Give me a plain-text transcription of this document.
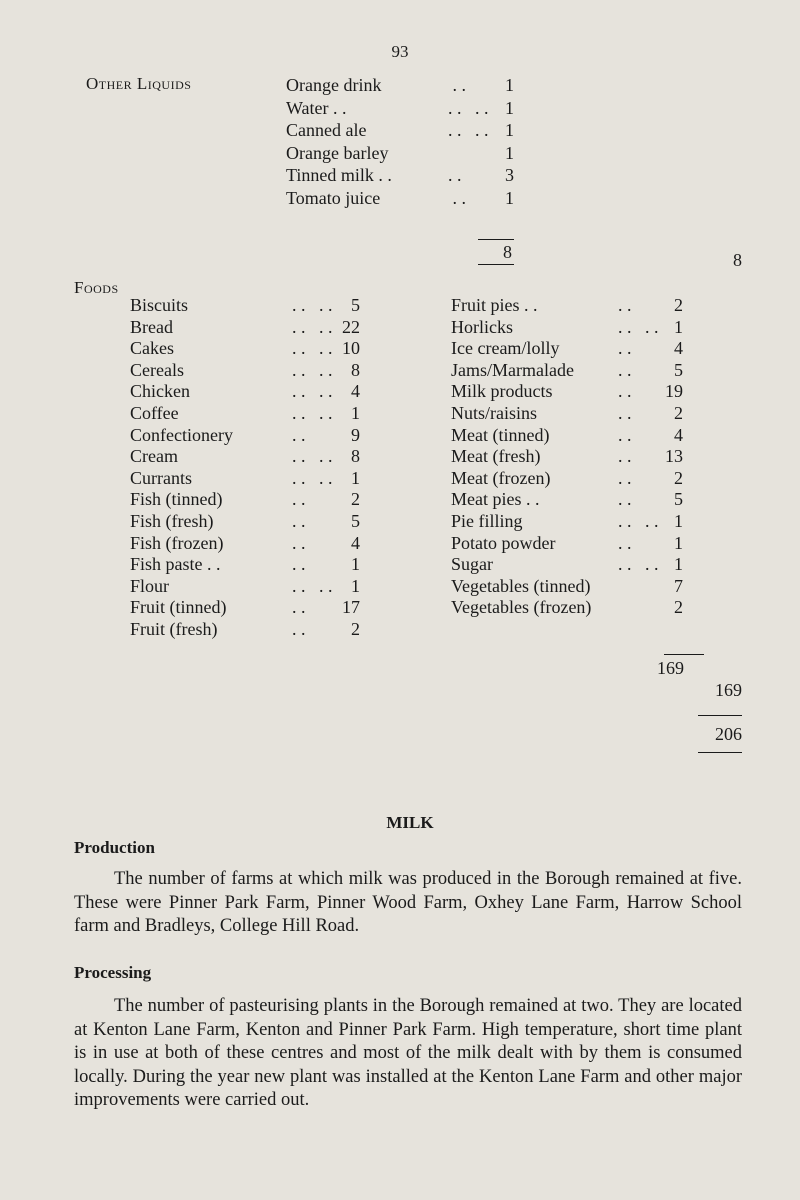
93
Other Liquids	Orange drink	. .	1
Water . .	. .   . . 1
Canned ale	. .   . . 1
Orange barley	1
Tinned milk . .	. .	3
Tomato juice	. .	1
8	8
Foods
Biscuits	. .   . .	5
Bread	. .   . . 22
Cakes	. .   . . 10
Cereals	. .   . .	8
Chicken	. .   . .	4
Coffee	. .   . .	1
Confectionery	. .	9
Cream	. .   . .	8
Currants	. .   . .	1
Fish (tinned)	. .	2
Fish (fresh)	. .	5
Fish (frozen)	. .	4
Fish paste . .	. .	1
Flour	. .   . .	1
Fruit (tinned)	. .	17
Fruit (fresh)	. .	2
Fruit pies . .	. .	2
Horlicks	. .   . . 1
Ice cream/lolly	. .	4
Jams/Marmalade . .	5
Milk products	. .	19
Nuts/raisins	. .	2
Meat (tinned)	. .	4
Meat (fresh)	. .	13
Meat (frozen)	. .	2
Meat pies . .	. .	5
Pie filling	. .   . . 1
Potato powder	. .	1
Sugar	. .   . . 1
Vegetables (tinned)	7
Vegetables (frozen)	2
169
169
206
MILK
Production
The number of farms at which milk was produced in the Borough remained at five. These were Pinner Park Farm, Pinner Wood Farm, Oxhey Lane Farm, Harrow School farm and Bradleys, College Hill Road.
Processing
The number of pasteurising plants in the Borough remained at two. They are located at Kenton Lane Farm, Kenton and Pinner Park Farm. High temperature, short time plant is in use at both of these centres and most of the milk dealt with by them is consumed locally. During the year new plant was installed at the Kenton Lane Farm and other major improvements were carried out.
